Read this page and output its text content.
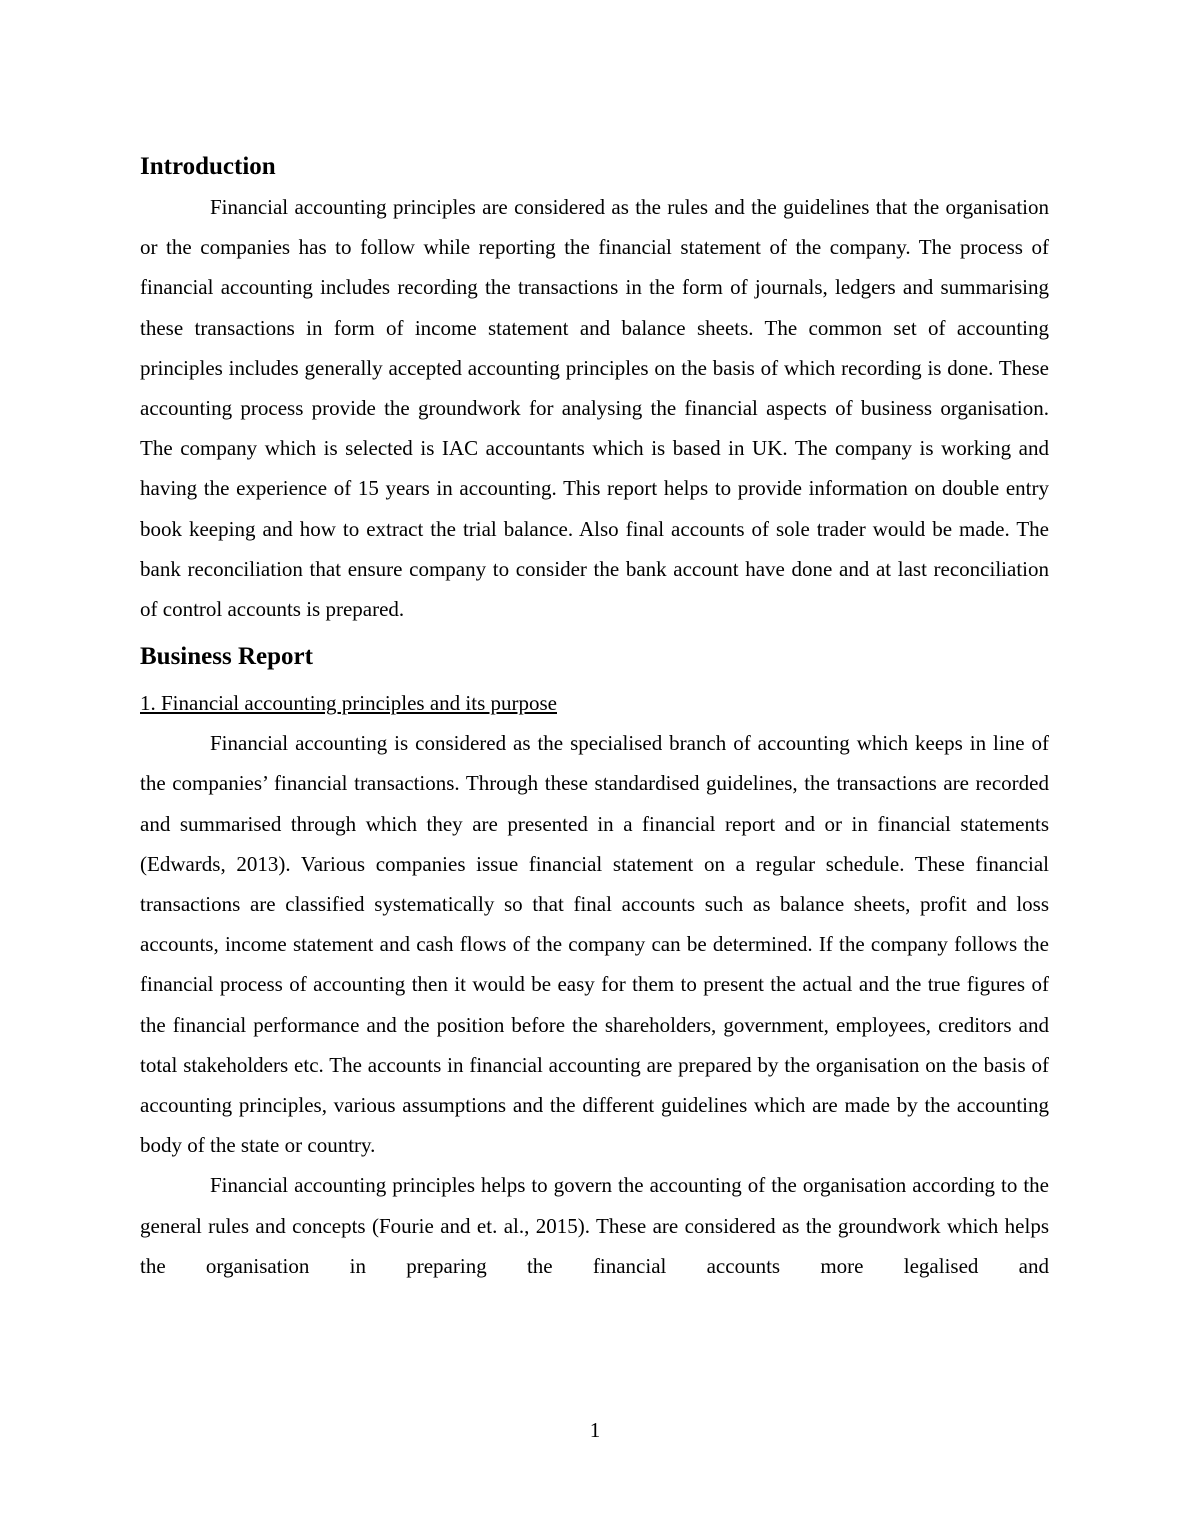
Introduction

Financial accounting principles are considered as the rules and the guidelines that the organisation or the companies has to follow while reporting the financial statement of the company. The process of financial accounting includes recording the transactions in the form of journals, ledgers and summarising these transactions in form of income statement and balance sheets. The common set of accounting principles includes generally accepted accounting principles on the basis of which recording is done. These accounting process provide the groundwork for analysing the financial aspects of business organisation. The company which is selected is IAC accountants which is based in UK. The company is working and having the experience of 15 years in accounting. This report helps to provide information on double entry book keeping and how to extract the trial balance. Also final accounts of sole trader would be made. The bank reconciliation that ensure company to consider the bank account have done and at last reconciliation of control accounts is prepared.

Business Report
1. Financial accounting principles and its purpose

Financial accounting is considered as the specialised branch of accounting which keeps in line of the companies’ financial transactions. Through these standardised guidelines, the transactions are recorded and summarised through which they are presented in a financial report and or in financial statements (Edwards, 2013). Various companies issue financial statement on a regular schedule. These financial transactions are classified systematically so that final accounts such as balance sheets, profit and loss accounts, income statement and cash flows of the company can be determined. If the company follows the financial process of accounting then it would be easy for them to present the actual and the true figures of the financial performance and the position before the shareholders, government, employees, creditors and total stakeholders etc. The accounts in financial accounting are prepared by the organisation on the basis of accounting principles, various assumptions and the different guidelines which are made by the accounting body of the state or country.

Financial accounting principles helps to govern the accounting of the organisation according to the general rules and concepts (Fourie and et. al., 2015). These are considered as the groundwork which helps the organisation in preparing the financial accounts more legalised and

1
